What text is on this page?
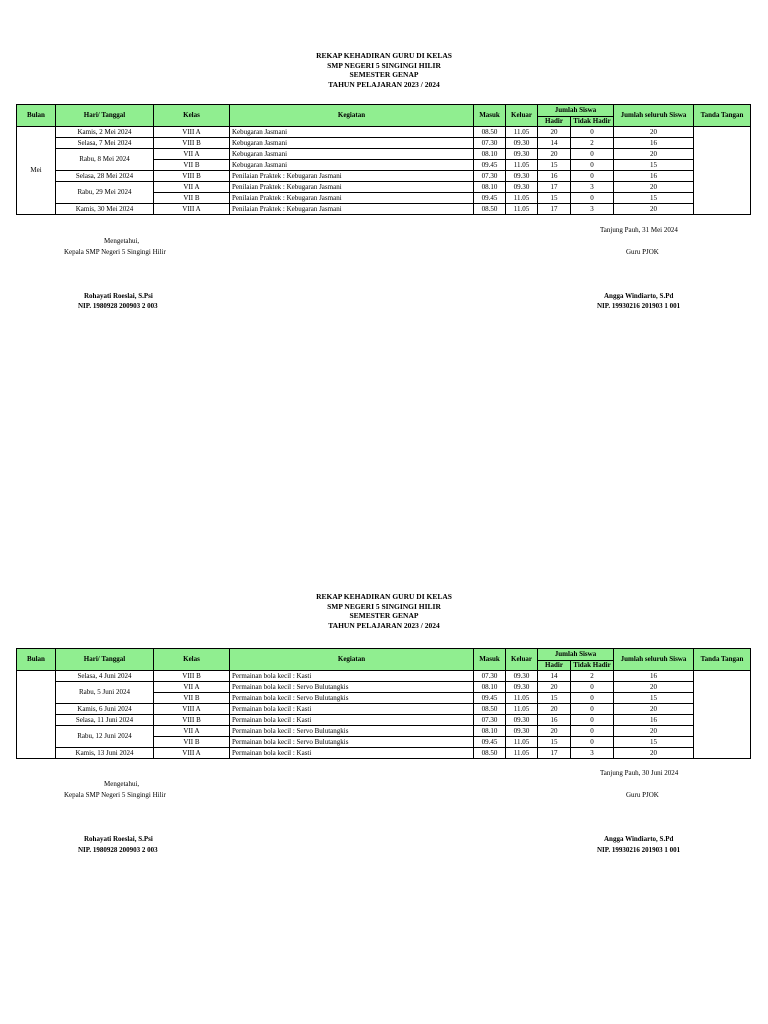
REKAP KEHADIRAN GURU DI KELAS
SMP NEGERI 5 SINGINGI HILIR
SEMESTER GENAP
TAHUN PELAJARAN 2023 / 2024
Bulan	Hari/ Tanggal	Kelas	Kegiatan	Masuk	Keluar	Jumlah Siswa		Jumlah seluruh Siswa	Tanda Tangan
						Hadir	Tidak Hadir		
Mei	Kamis, 2 Mei 2024	VIII A	Kebugaran Jasmani	08.50	11.05	20	0	20	
	Selasa, 7 Mei 2024	VIII B	Kebugaran Jasmani	07.30	09.30	14	2	16	
	Rabu, 8 Mei 2024	VII A	Kebugaran Jasmani	08.10	09.30	20	0	20	
		VII B	Kebugaran Jasmani	09.45	11.05	15	0	15	
	Selasa, 28 Mei 2024	VIII B	Penilaian Praktek : Kebugaran Jasmani	07.30	09.30	16	0	16	
	Rabu, 29 Mei 2024	VII A	Penilaian Praktek : Kebugaran Jasmani	08.10	09.30	17	3	20	
		VII B	Penilaian Praktek : Kebugaran Jasmani	09.45	11.05	15	0	15	
	Kamis, 30 Mei 2024	VIII A	Penilaian Praktek : Kebugaran Jasmani	08.50	11.05	17	3	20	
Tanjung Pauh, 31 Mei 2024
Mengetahui,
Kepala SMP Negeri 5 Singingi Hilir	Guru PJOK
Rohayati Roeslai, S.Psi
NIP. 1980928 200903 2 003
Angga Windiarto, S.Pd
NIP. 19930216 201903 1 001
REKAP KEHADIRAN GURU DI KELAS
SMP NEGERI 5 SINGINGI HILIR
SEMESTER GENAP
TAHUN PELAJARAN 2023 / 2024
Bulan	Hari/ Tanggal	Kelas	Kegiatan	Masuk	Keluar	Jumlah Siswa		Jumlah seluruh Siswa	Tanda Tangan
						Hadir	Tidak Hadir		
	Selasa, 4 Juni 2024	VIII B	Permainan bola kecil : Kasti	07.30	09.30	14	2	16	
	Rabu, 5 Juni 2024	VII A	Permainan bola kecil : Servo Bulutangkis	08.10	09.30	20	0	20	
		VII B	Permainan bola kecil : Servo Bulutangkis	09.45	11.05	15	0	15	
	Kamis, 6 Juni 2024	VIII A	Permainan bola kecil : Kasti	08.50	11.05	20	0	20	
	Selasa, 11 Juni 2024	VIII B	Permainan bola kecil : Kasti	07.30	09.30	16	0	16	
	Rabu, 12 Juni 2024	VII A	Permainan bola kecil : Servo Bulutangkis	08.10	09.30	20	0	20	
		VII B	Permainan bola kecil : Servo Bulutangkis	09.45	11.05	15	0	15	
	Kamis, 13 Juni 2024	VIII A	Permainan bola kecil : Kasti	08.50	11.05	17	3	20	
Tanjung Pauh, 30 Juni 2024
Mengetahui,
Kepala SMP Negeri 5 Singingi Hilir	Guru PJOK
Rohayati Roeslai, S.Psi
NIP. 1980928 200903 2 003
Angga Windiarto, S.Pd
NIP. 19930216 201903 1 001
